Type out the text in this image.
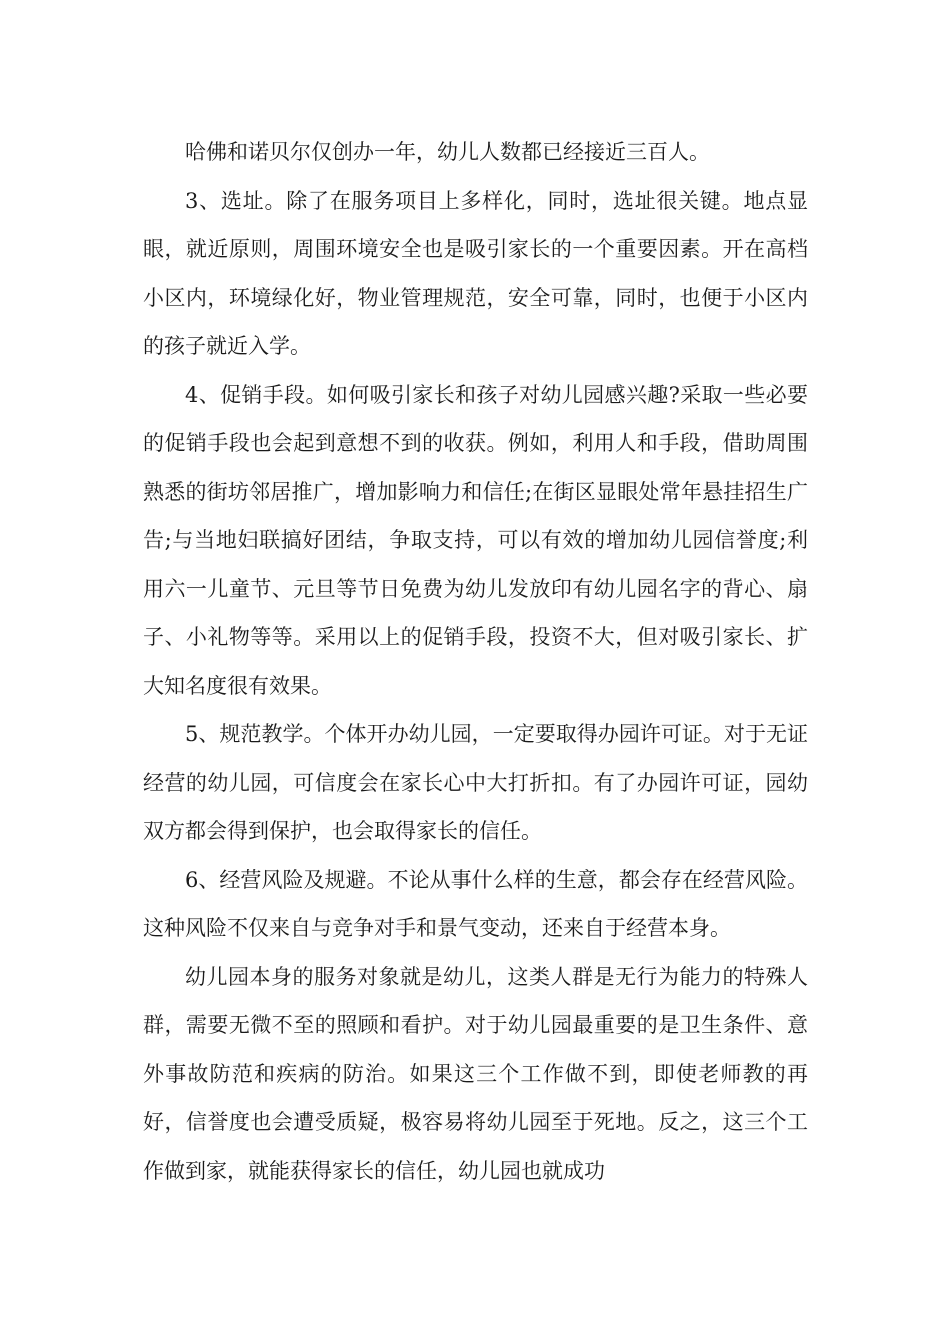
哈佛和诺贝尔仅创办一年，幼儿人数都已经接近三百人。

3、选址。除了在服务项目上多样化，同时，选址很关键。地点显眼，就近原则，周围环境安全也是吸引家长的一个重要因素。开在高档小区内，环境绿化好，物业管理规范，安全可靠，同时，也便于小区内的孩子就近入学。

4、促销手段。如何吸引家长和孩子对幼儿园感兴趣?采取一些必要的促销手段也会起到意想不到的收获。例如，利用人和手段，借助周围熟悉的街坊邻居推广，增加影响力和信任;在街区显眼处常年悬挂招生广告;与当地妇联搞好团结，争取支持，可以有效的增加幼儿园信誉度;利用六一儿童节、元旦等节日免费为幼儿发放印有幼儿园名字的背心、扇子、小礼物等等。采用以上的促销手段，投资不大，但对吸引家长、扩大知名度很有效果。

5、规范教学。个体开办幼儿园，一定要取得办园许可证。对于无证经营的幼儿园，可信度会在家长心中大打折扣。有了办园许可证，园幼双方都会得到保护，也会取得家长的信任。

6、经营风险及规避。不论从事什么样的生意，都会存在经营风险。这种风险不仅来自与竞争对手和景气变动，还来自于经营本身。

幼儿园本身的服务对象就是幼儿，这类人群是无行为能力的特殊人群，需要无微不至的照顾和看护。对于幼儿园最重要的是卫生条件、意外事故防范和疾病的防治。如果这三个工作做不到，即使老师教的再好，信誉度也会遭受质疑，极容易将幼儿园至于死地。反之，这三个工作做到家，就能获得家长的信任，幼儿园也就成功
